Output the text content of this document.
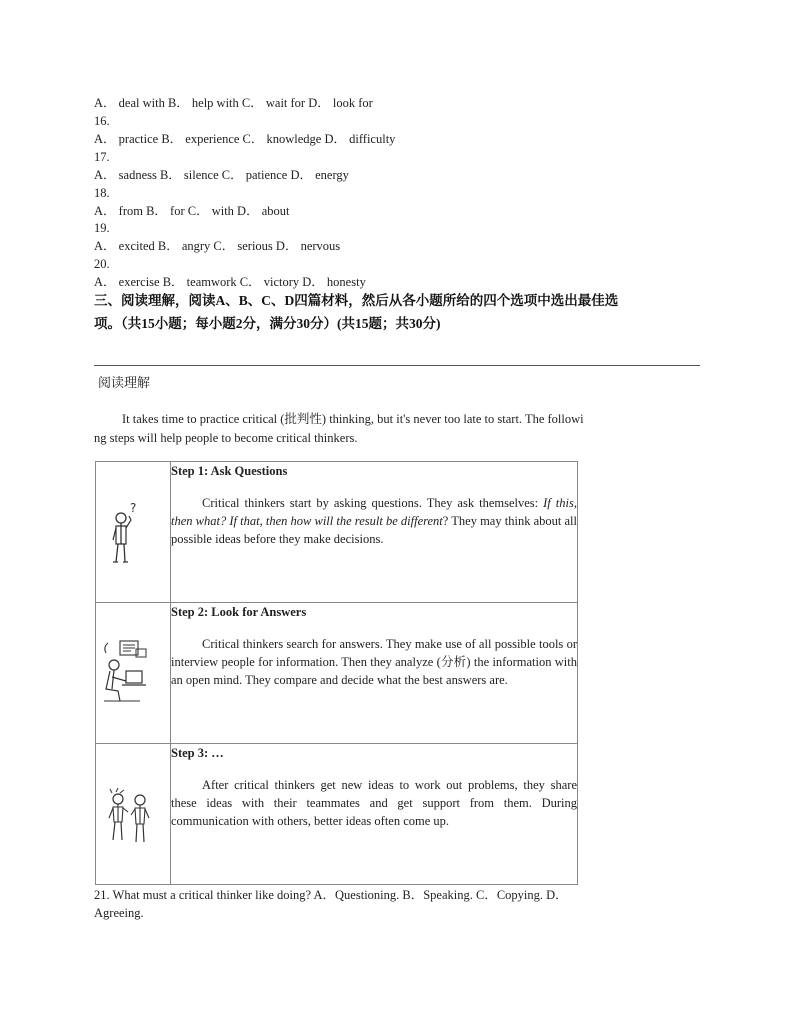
A． deal with B． help with C． wait for D． look for
16.
A． practice B． experience C． knowledge D． difficulty
17.
A． sadness B． silence C． patience D． energy
18.
A． from B． for C． with D． about
19.
A． excited B． angry C． serious D． nervous
20.
A． exercise B． teamwork C． victory D． honesty
三、阅读理解，阅读A、B、C、D四篇材料，然后从各小题所给的四个选项中选出最佳选
项。（共15小题；每小题2分，满分30分）(共15题；共30分)
阅读理解
It takes time to practice critical (批判性) thinking, but it's never too late to start. The followi
ng steps will help people to become critical thinkers.
?	Step 1: Ask Questions
Critical thinkers start by asking questions. They ask themselves: If this, then what? If that, then how will the result be different? They may think about all possible ideas before they make decisions.

Step 2: Look for Answers
Critical thinkers search for answers. They make use of all possible tools or interview people for information. Then they analyze (分析) the information with an open mind. They compare and decide what the best answers are.

Step 3: …
After critical thinkers get new ideas to work out problems, they share these ideas with their teammates and get support from them. During communication with others, better ideas often come up.
21. What must a critical thinker like doing? A．Questioning. B．Speaking. C．Copying. D．
Agreeing.
